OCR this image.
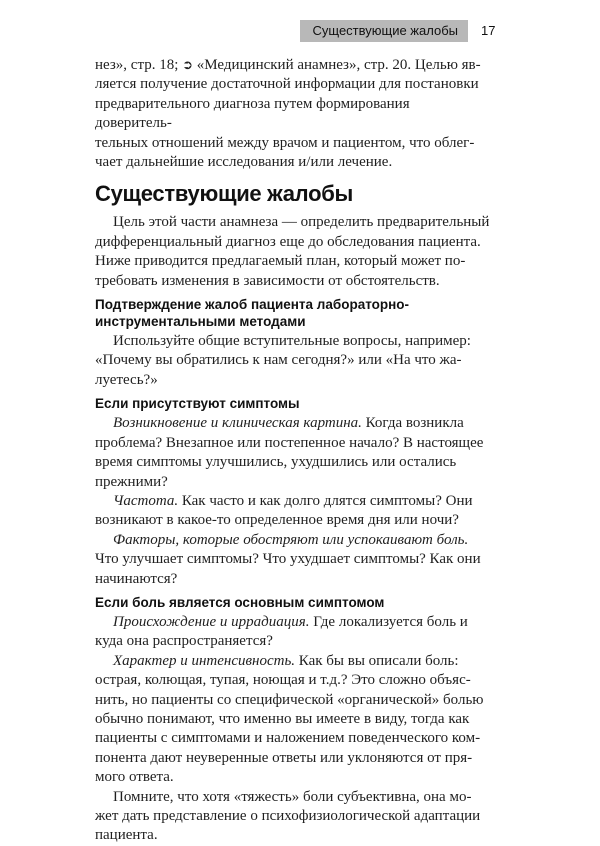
Существующие жалобы	17

нез», стр. 18; ➲ «Медицинский анамнез», стр. 20. Целью яв-
ляется получение достаточной информации для постановки
предварительного диагноза путем формирования доверитель-
тельных отношений между врачом и пациентом, что облег-
чает дальнейшие исследования и/или лечение.

Существующие жалобы

Цель этой части анамнеза — определить предварительный
дифференциальный диагноз еще до обследования пациента.
Ниже приводится предлагаемый план, который может по-
требовать изменения в зависимости от обстоятельств.

Подтверждение жалоб пациента лабораторно-
инструментальными методами

Используйте общие вступительные вопросы, например:
«Почему вы обратились к нам сегодня?» или «На что жа-
луетесь?»

Если присутствуют симптомы

Возникновение и клиническая картина. Когда возникла
проблема? Внезапное или постепенное начало? В настоящее
время симптомы улучшились, ухудшились или остались
прежними?

Частота. Как часто и как долго длятся симптомы? Они
возникают в какое-то определенное время дня или ночи?

Факторы, которые обостряют или успокаивают боль.
Что улучшает симптомы? Что ухудшает симптомы? Как они
начинаются?

Если боль является основным симптомом

Происхождение и иррадиация. Где локализуется боль и
куда она распространяется?

Характер и интенсивность. Как бы вы описали боль:
острая, колющая, тупая, ноющая и т.д.? Это сложно объяс-
нить, но пациенты со специфической «органической» болью
обычно понимают, что именно вы имеете в виду, тогда как
пациенты с симптомами и наложением поведенческого ком-
понента дают неуверенные ответы или уклоняются от пря-
мого ответа.

Помните, что хотя «тяжесть» боли субъективна, она мо-
жет дать представление о психофизиологической адаптации
пациента.
